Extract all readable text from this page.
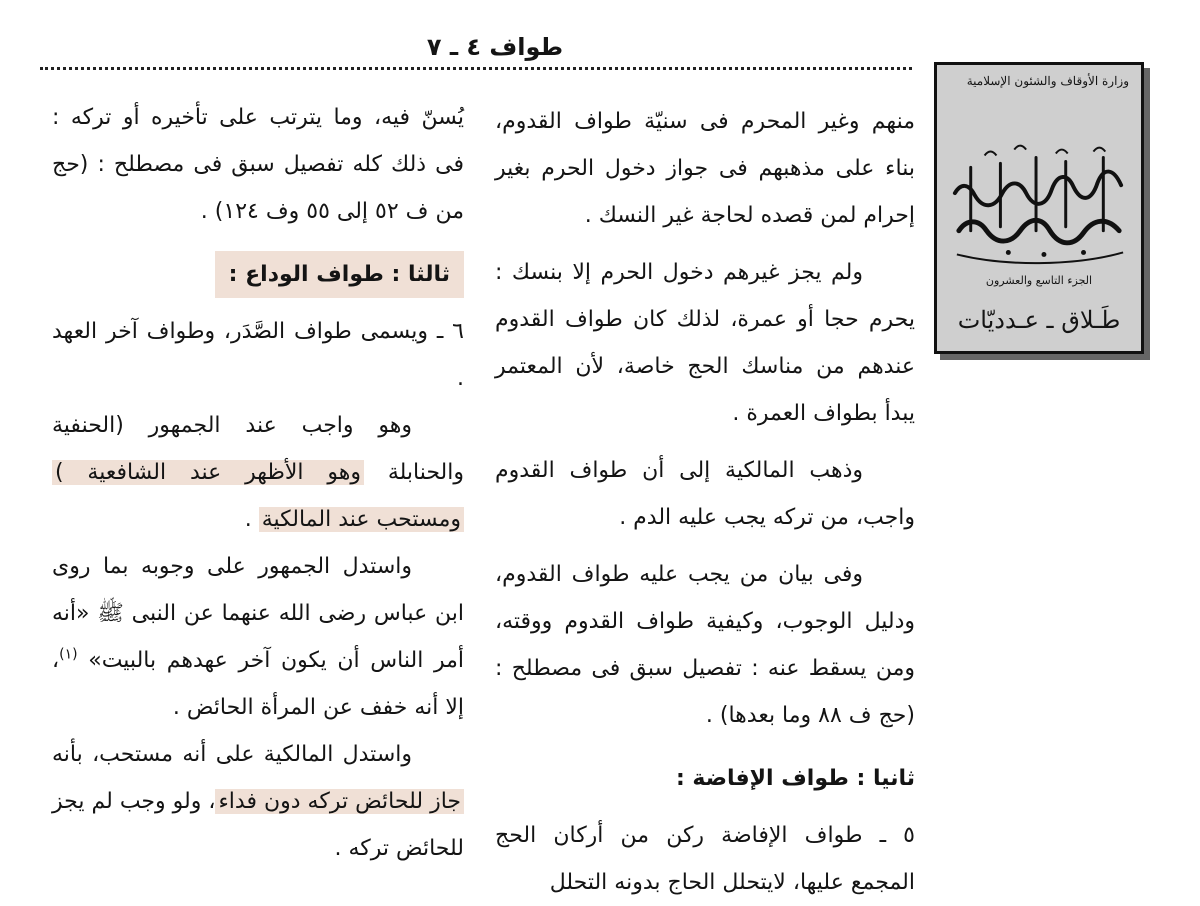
طواف ٤ ـ ٧

منهم وغير المحرم فى سنيّة طواف القدوم، بناء على مذهبهم فى جواز دخول الحرم بغير إحرام لمن قصده لحاجة غير النسك .

ولم يجز غيرهم دخول الحرم إلا بنسك : يحرم حجا أو عمرة، لذلك كان طواف القدوم عندهم من مناسك الحج خاصة، لأن المعتمر يبدأ بطواف العمرة .

وذهب المالكية إلى أن طواف القدوم واجب، من تركه يجب عليه الدم .

وفى بيان من يجب عليه طواف القدوم، ودليل الوجوب، وكيفية طواف القدوم ووقته، ومن يسقط عنه : تفصيل سبق فى مصطلح : (حج ف ٨٨ وما بعدها) .

ثانيا : طواف الإفاضة :

٥ ـ طواف الإفاضة ركن من أركان الحج المجمع عليها، لايتحلل الحاج بدونه التحلل

يُسنّ فيه، وما يترتب على تأخيره أو تركه : فى ذلك كله تفصيل سبق فى مصطلح : (حج من ف ٥٢ إلى ٥٥ وف ١٢٤) .

ثالثا : طواف الوداع :

٦ ـ ويسمى طواف الصَّدَر، وطواف آخر العهد .

وهو واجب عند الجمهور (الحنفية والحنابلة وهو الأظهر عند الشافعية ) ومستحب عند المالكية .

واستدل الجمهور على وجوبه بما روى ابن عباس رضى الله عنهما عن النبى ﷺ «أنه أمر الناس أن يكون آخر عهدهم بالبيت» $^{(١)}$، إلا أنه خفف عن المرأة الحائض .

واستدل المالكية على أنه مستحب، بأنه جاز للحائض تركه دون فداء، ولو وجب لم يجز للحائض تركه .

وزارة الأوقاف والشئون الإسلامية
الجزء التاسع والعشرون
طَـلاق ـ عـدديّات
